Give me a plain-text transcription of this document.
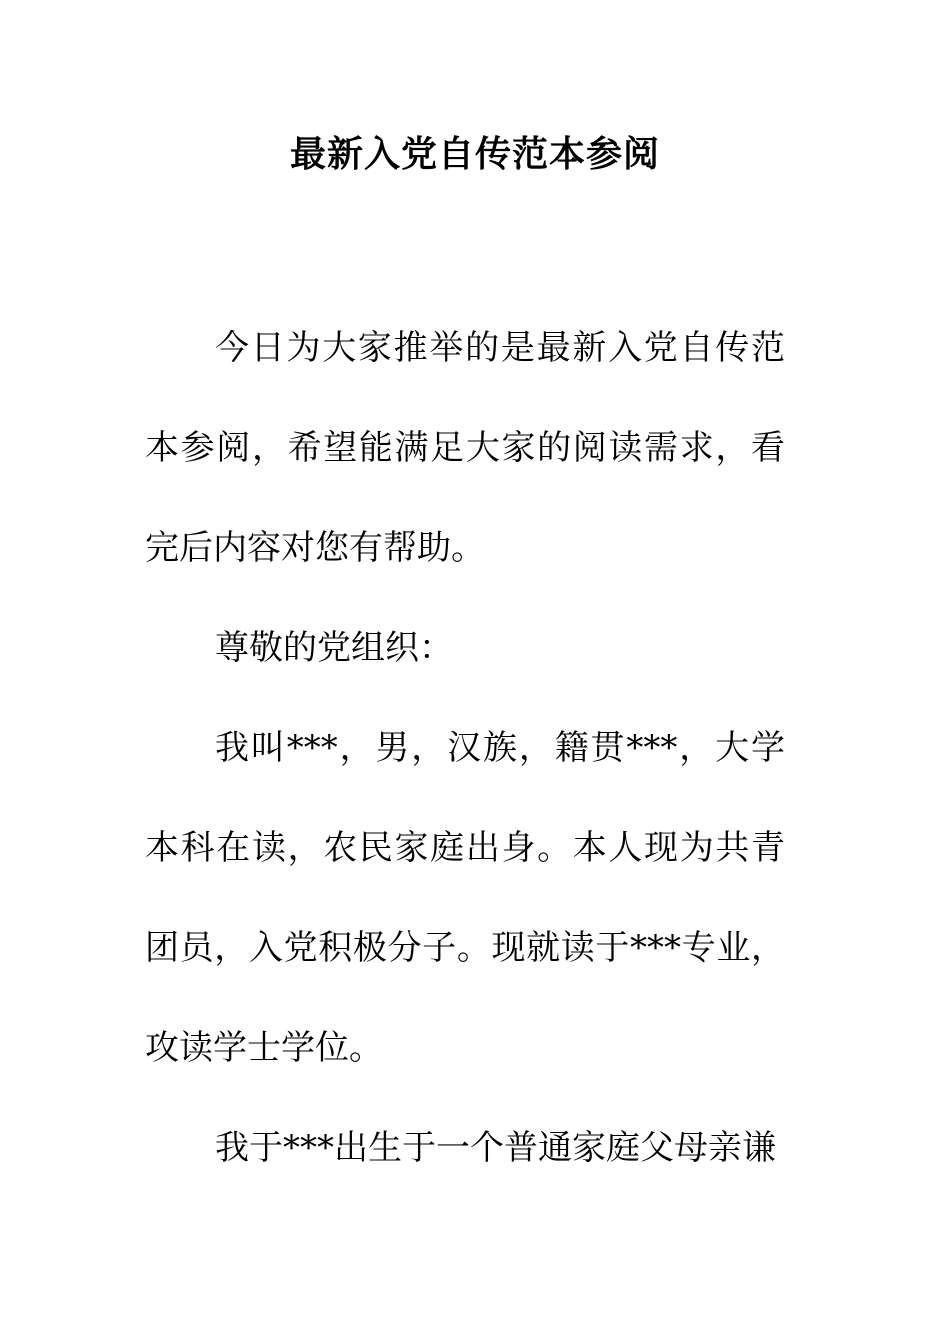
最新入党自传范本参阅

今日为大家推举的是最新入党自传范本参阅，希望能满足大家的阅读需求，看完后内容对您有帮助。

尊敬的党组织：

我叫***，男，汉族，籍贯***，大学本科在读，农民家庭出身。本人现为共青团员，入党积极分子。现就读于***专业，攻读学士学位。

我于***出生于一个普通家庭父母亲谦
